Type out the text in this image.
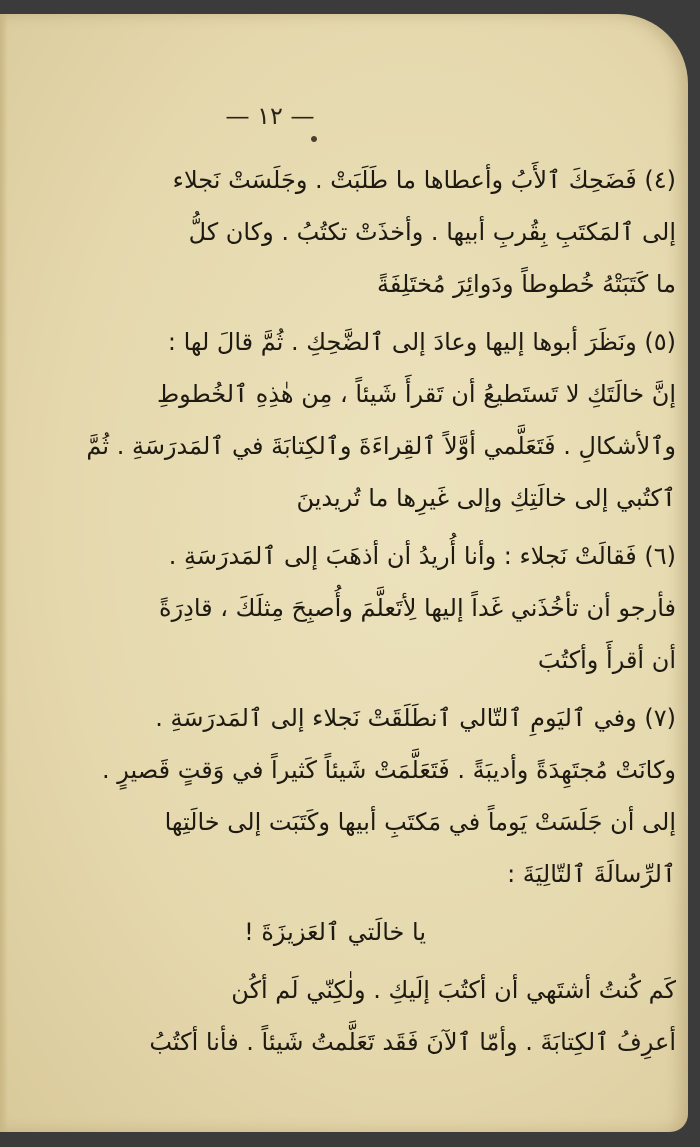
— ١٢ —
(٤) فَضَحِكَ ٱلأَبُ وأعطاها ما طَلَبَتْ . وجَلَسَتْ نَجلاء
إلى ٱلمَكتَبِ بِقُربِ أبيها . وأخذَتْ تكتُبُ . وكان كلُّ
ما كَتَبَتْهُ خُطوطاً ودَوائِرَ مُختَلِفَةً
(٥) ونَظَرَ أبوها إليها وعادَ إلى ٱلضَّحِكِ . ثُمَّ قالَ لها :
إنَّ خالَتَكِ لا تَستَطيعُ أن تَقرأَ شَيئاً ، مِن هٰذِهِ ٱلخُطوطِ
وٱلأشكالِ . فَتَعَلَّمي أوَّلاً ٱلقِراءَةَ وٱلكِتابَةَ في ٱلمَدرَسَةِ . ثُمَّ
ٱكتُبي إلى خالَتِكِ وإلى غَيرِها ما تُريدينَ
(٦) فَقالَتْ نَجلاء : وأنا أُريدُ أن أذهَبَ إلى ٱلمَدرَسَةِ .
فأرجو أن تأخُذَني غَداً إليها لِأتَعلَّمَ وأُصبِحَ مِثلَكَ ، قادِرَةً
أن أقرأَ وأكتُبَ
(٧) وفي ٱليَومِ ٱلتّالي ٱنطَلَقَتْ نَجلاء إلى ٱلمَدرَسَةِ .
وكانَتْ مُجتَهِدَةً وأديبَةً . فَتَعَلَّمَتْ شَيئاً كَثيراً في وَقتٍ قَصيرٍ .
إلى أن جَلَسَتْ يَوماً في مَكتَبِ أبيها وكَتَبَت إلى خالَتِها
ٱلرِّسالَةَ ٱلتّالِيَةَ :
يا خالَتي ٱلعَزيزَةَ !
كَم كُنتُ أشتَهي أن أكتُبَ إلَيكِ . ولٰكِنّي لَم أكُن
أعرِفُ ٱلكِتابَةَ . وأمّا ٱلآنَ فَقَد تَعَلَّمتُ شَيئاً . فأنا أكتُبُ
